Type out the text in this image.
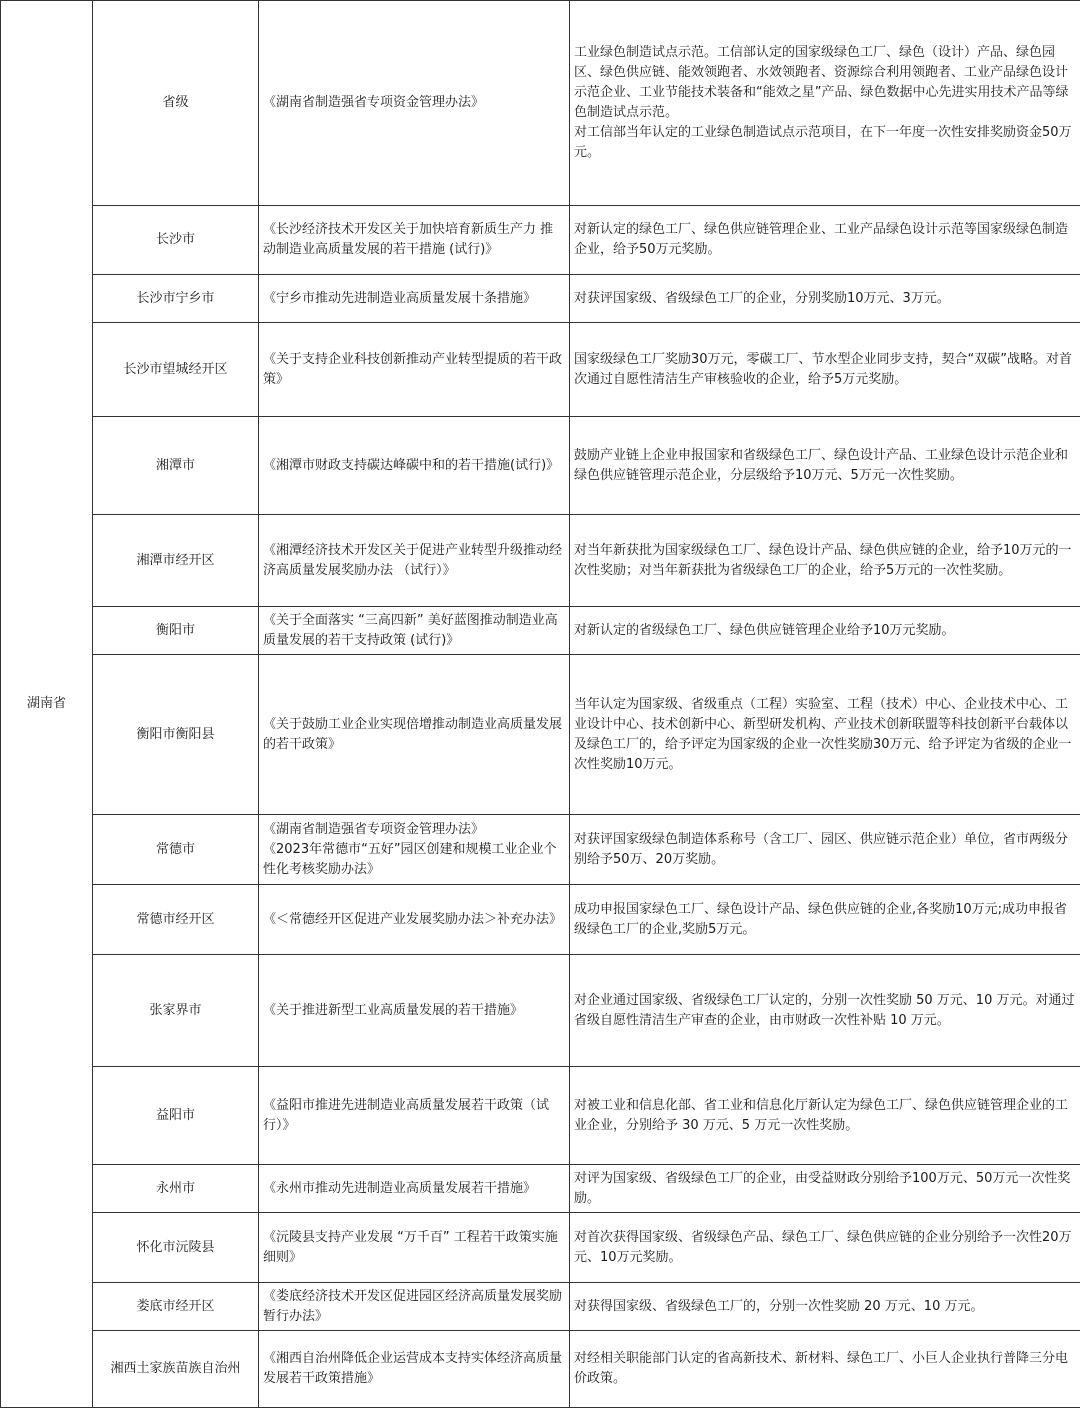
湖南省	省级	《湖南省制造强省专项资金管理办法》	工业绿色制造试点示范。工信部认定的国家级绿色工厂、绿色（设计）产品、绿色园区、绿色供应链、能效领跑者、水效领跑者、资源综合利用领跑者、工业产品绿色设计示范企业、工业节能技术装备和“能效之星”产品、绿色数据中心先进实用技术产品等绿色制造试点示范。
对工信部当年认定的工业绿色制造试点示范项目，在下一年度一次性安排奖励资金50万元。

	长沙市	《长沙经济技术开发区关于加快培育新质生产力 推动制造业高质量发展的若干措施 (试行)》	对新认定的绿色工厂、绿色供应链管理企业、工业产品绿色设计示范等国家级绿色制造企业，给予50万元奖励。

	长沙市宁乡市	《宁乡市推动先进制造业高质量发展十条措施》	对获评国家级、省级绿色工厂的企业，分别奖励10万元、3万元。

	长沙市望城经开区	《关于支持企业科技创新推动产业转型提质的若干政策》	国家级绿色工厂奖励30万元，零碳工厂、节水型企业同步支持，契合“双碳”战略。对首次通过自愿性清洁生产审核验收的企业，给予5万元奖励。

	湘潭市	《湘潭市财政支持碳达峰碳中和的若干措施(试行)》	鼓励产业链上企业申报国家和省级绿色工厂、绿色设计产品、工业绿色设计示范企业和绿色供应链管理示范企业，分层级给予10万元、5万元一次性奖励。

	湘潭市经开区	《湘潭经济技术开发区关于促进产业转型升级推动经济高质量发展奖励办法 （试行）》	对当年新获批为国家级绿色工厂、绿色设计产品、绿色供应链的企业，给予10万元的一次性奖励；对当年新获批为省级绿色工厂的企业，给予5万元的一次性奖励。

	衡阳市	《关于全面落实 “三高四新” 美好蓝图推动制造业高质量发展的若干支持政策 (试行)》	对新认定的省级绿色工厂、绿色供应链管理企业给予10万元奖励。

	衡阳市衡阳县	《关于鼓励工业企业实现倍增推动制造业高质量发展的若干政策》	当年认定为国家级、省级重点（工程）实验室、工程（技术）中心、企业技术中心、工业设计中心、技术创新中心、新型研发机构、产业技术创新联盟等科技创新平台载体以及绿色工厂的，给予评定为国家级的企业一次性奖励30万元、给予评定为省级的企业一次性奖励10万元。

	常德市	《湖南省制造强省专项资金管理办法》
《2023年常德市“五好”园区创建和规模工业企业个性化考核奖励办法》	对获评国家级绿色制造体系称号（含工厂、园区、供应链示范企业）单位，省市两级分别给予50万、20万奖励。

	常德市经开区	《＜常德经开区促进产业发展奖励办法＞补充办法》	成功申报国家绿色工厂、绿色设计产品、绿色供应链的企业,各奖励10万元;成功申报省级绿色工厂的企业,奖励5万元。

	张家界市	《关于推进新型工业高质量发展的若干措施》	对企业通过国家级、省级绿色工厂认定的，分别一次性奖励 50 万元、10 万元。对通过省级自愿性清洁生产审查的企业，由市财政一次性补贴 10 万元。

	益阳市	《益阳市推进先进制造业高质量发展若干政策（试行）》	对被工业和信息化部、省工业和信息化厅新认定为绿色工厂、绿色供应链管理企业的工业企业，分别给予 30 万元、5 万元一次性奖励。

	永州市	《永州市推动先进制造业高质量发展若干措施》	对评为国家级、省级绿色工厂的企业，由受益财政分别给予100万元、50万元一次性奖励。

	怀化市沅陵县	《沅陵县支持产业发展 “万千百” 工程若干政策实施细则》	对首次获得国家级、省级绿色产品、绿色工厂、绿色供应链的企业分别给予一次性20万元、10万元奖励。

	娄底市经开区	《娄底经济技术开发区促进园区经济高质量发展奖励暂行办法》	对获得国家级、省级绿色工厂的，分别一次性奖励 20 万元、10 万元。

	湘西土家族苗族自治州	《湘西自治州降低企业运营成本支持实体经济高质量发展若干政策措施》	对经相关职能部门认定的省高新技术、新材料、绿色工厂、小巨人企业执行普降三分电价政策。
